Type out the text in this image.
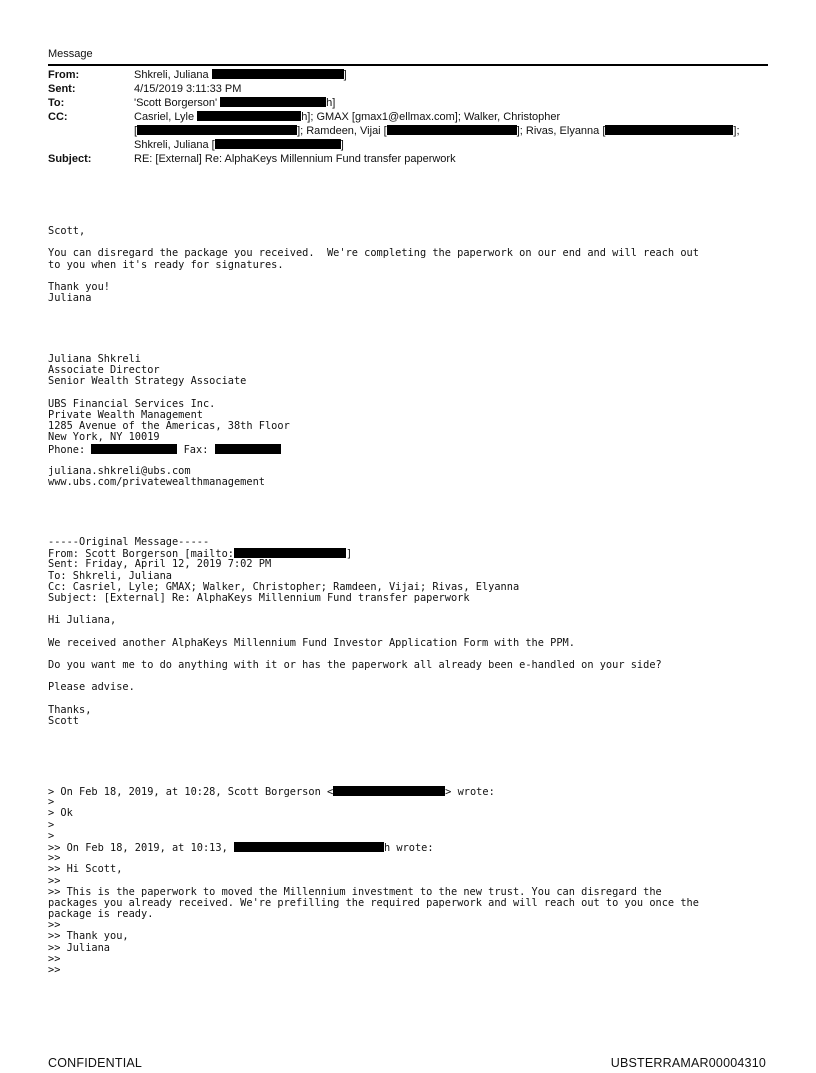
Message
From:	Shkreli, Juliana	]
Sent:	4/15/2019 3:11:33 PM
To:	'Scott Borgerson'	h]
CC:	Casriel, Lyle	h]; GMAX [gmax1@ellmax.com]; Walker, Christopher
[	]; Ramdeen, Vijai [	]; Rivas, Elyanna [	];
Shkreli, Juliana [	]
Subject:	RE: [External] Re: AlphaKeys Millennium Fund transfer paperwork
Scott,
You can disregard the package you received.  We're completing the paperwork on our end and will reach out
to you when it's ready for signatures.
Thank you!
Juliana
Juliana Shkreli
Associate Director
Senior Wealth Strategy Associate
UBS Financial Services Inc.
Private Wealth Management
1285 Avenue of the Americas, 38th Floor
New York, NY 10019
Phone:	Fax:
juliana.shkreli@ubs.com
www.ubs.com/privatewealthmanagement
-----Original Message-----
From: Scott Borgerson [mailto:	]
Sent: Friday, April 12, 2019 7:02 PM
To: Shkreli, Juliana
Cc: Casriel, Lyle; GMAX; Walker, Christopher; Ramdeen, Vijai; Rivas, Elyanna
Subject: [External] Re: AlphaKeys Millennium Fund transfer paperwork
Hi Juliana,
We received another AlphaKeys Millennium Fund Investor Application Form with the PPM.
Do you want me to do anything with it or has the paperwork all already been e-handled on your side?
Please advise.
Thanks,
Scott
> On Feb 18, 2019, at 10:28, Scott Borgerson <	> wrote:
>
> Ok
>
>
>> On Feb 18, 2019, at 10:13,	h wrote:
>>
>> Hi Scott,
>>
>> This is the paperwork to moved the Millennium investment to the new trust. You can disregard the
packages you already received. We're prefilling the required paperwork and will reach out to you once the
package is ready.
>>
>> Thank you,
>> Juliana
>>
>>
CONFIDENTIAL	UBSTERRAMAR00004310
